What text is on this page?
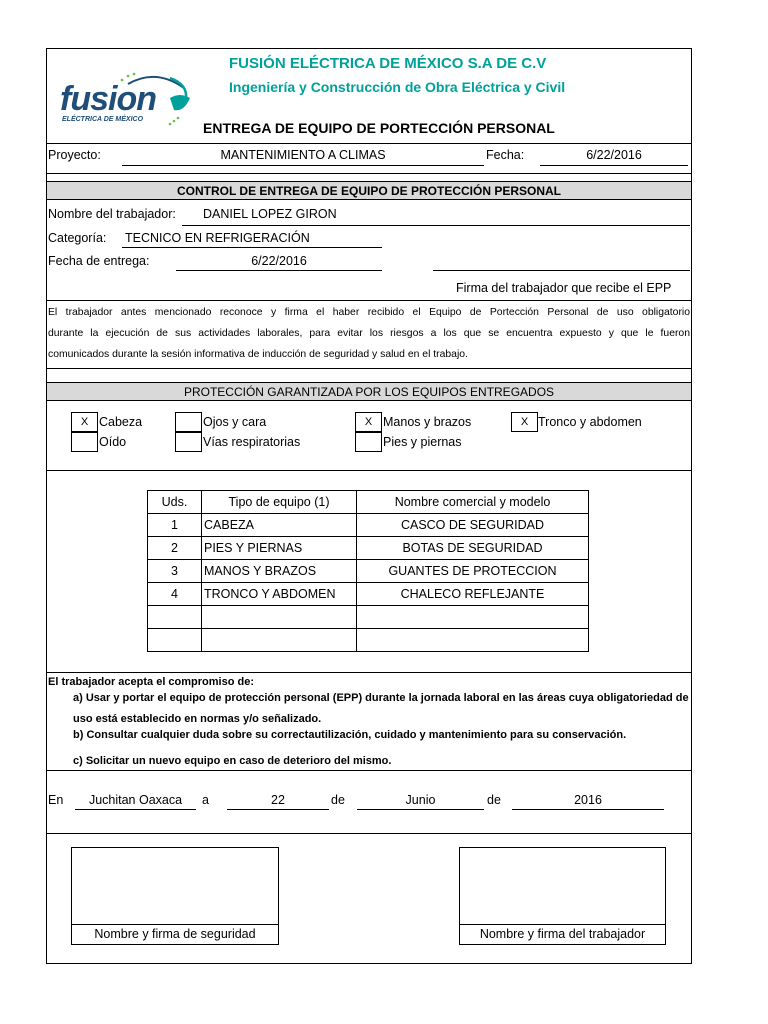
fusion
ELÉCTRICA DE MÉXICO
FUSIÓN ELÉCTRICA DE MÉXICO S.A DE C.V
Ingeniería y Construcción de Obra Eléctrica y Civil
ENTREGA DE EQUIPO DE PORTECCIÓN PERSONAL
Proyecto:	MANTENIMIENTO A CLIMAS	Fecha:	6/22/2016
CONTROL DE ENTREGA DE EQUIPO DE PROTECCIÓN PERSONAL
Nombre del trabajador: DANIEL LOPEZ GIRON
Categoría: TECNICO EN REFRIGERACIÓN
Fecha de entrega:	6/22/2016
Firma del trabajador que recibe el EPP
El trabajador antes mencionado reconoce y firma el haber recibido el Equipo de Portección Personal de uso obligatorio
durante la ejecución de sus actividades laborales, para evitar los riesgos a los que se encuentra expuesto y que le fueron
comunicados durante la sesión informativa de inducción de seguridad y salud en el trabajo.
PROTECCIÓN GARANTIZADA POR LOS EQUIPOS ENTREGADOS
X Cabeza	Ojos y cara	X Manos y brazos	X Tronco y abdomen
Oído	Vías respiratorias	Pies y piernas
Uds.	Tipo de equipo (1)	Nombre comercial y modelo
1	CABEZA	CASCO DE SEGURIDAD
2	PIES Y PIERNAS	BOTAS DE SEGURIDAD
3	MANOS Y BRAZOS	GUANTES DE PROTECCION
4	TRONCO Y ABDOMEN	CHALECO REFLEJANTE

El trabajador acepta el compromiso de:
a) Usar y portar el equipo de protección personal (EPP) durante la jornada laboral en las áreas cuya obligatoriedad de
uso está establecido en normas y/o señalizado.
b) Consultar cualquier duda sobre su correctautilización, cuidado y mantenimiento para su conservación.
c) Solicitar un nuevo equipo en caso de deterioro del mismo.
En	Juchitan Oaxaca	a	22	de	Junio	de	2016
Nombre y firma de seguridad	Nombre y firma del trabajador
